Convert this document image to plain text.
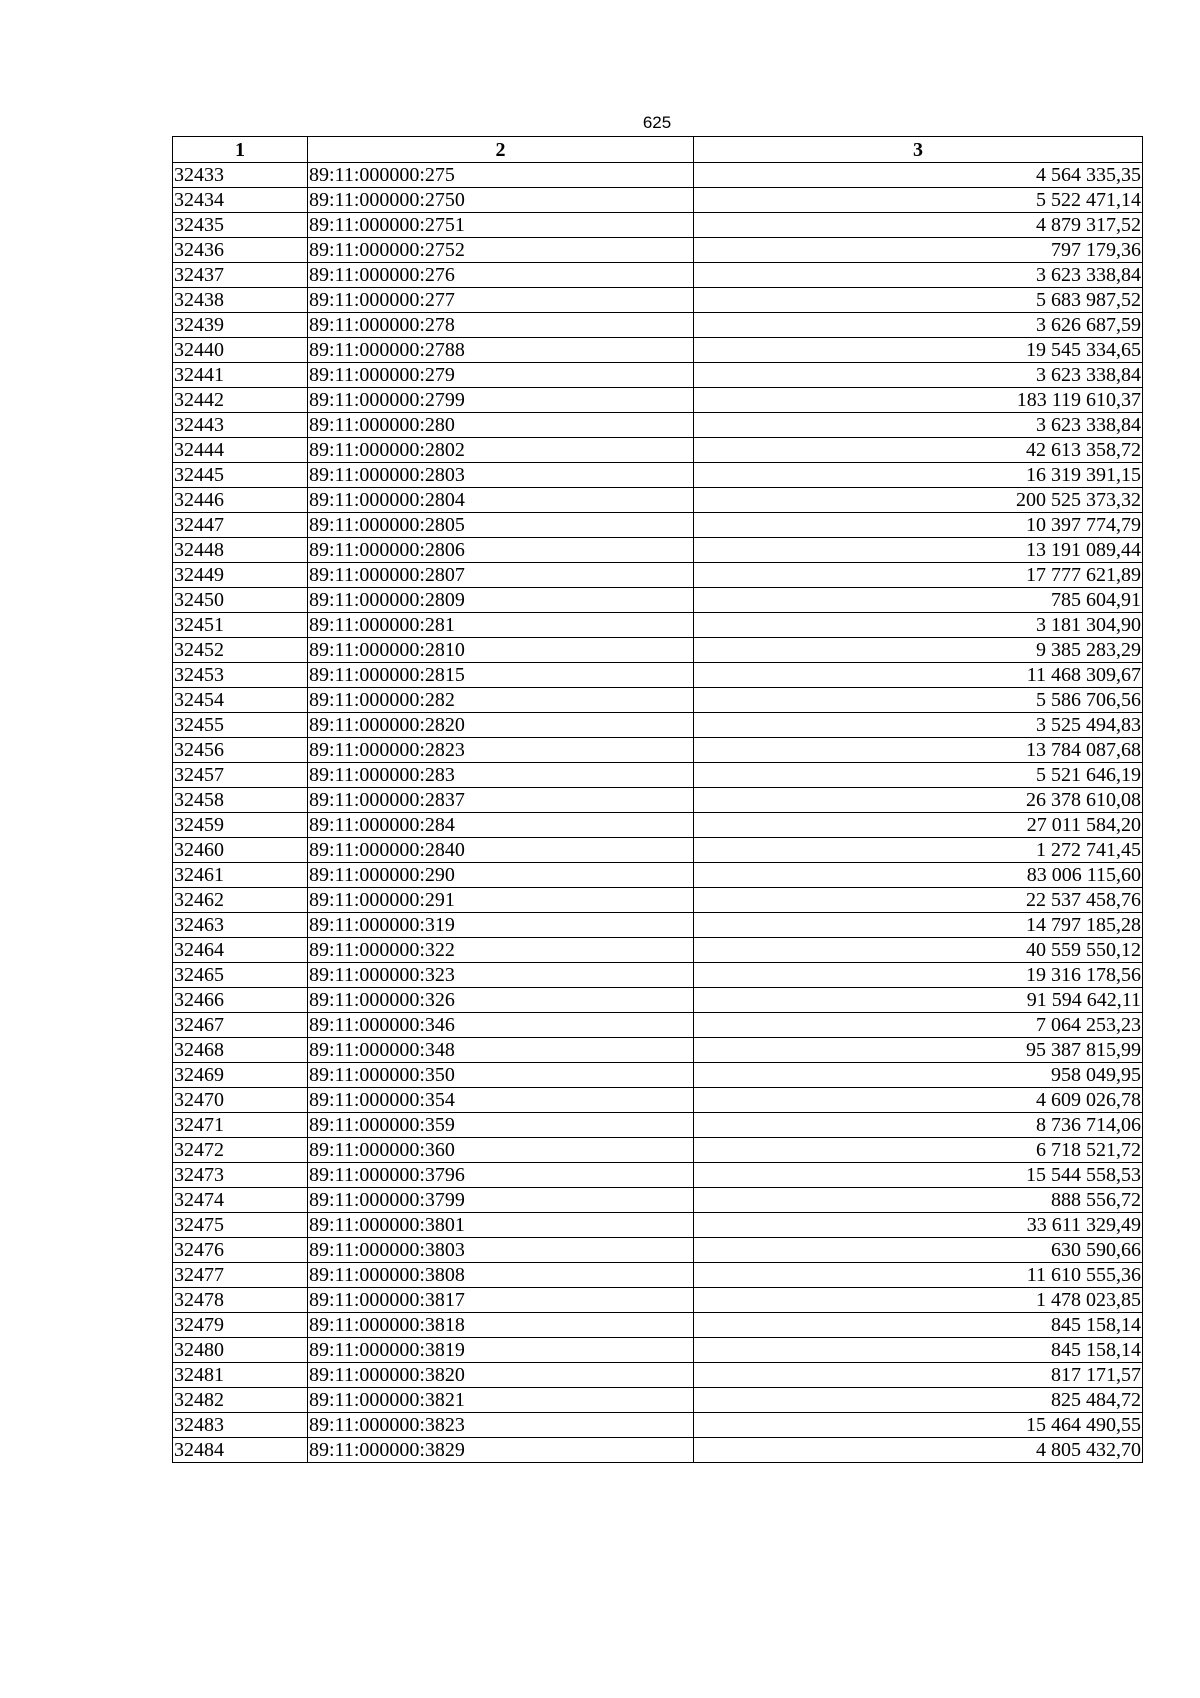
625
1	2	3
32433	89:11:000000:275	4 564 335,35
32434	89:11:000000:2750	5 522 471,14
32435	89:11:000000:2751	4 879 317,52
32436	89:11:000000:2752	797 179,36
32437	89:11:000000:276	3 623 338,84
32438	89:11:000000:277	5 683 987,52
32439	89:11:000000:278	3 626 687,59
32440	89:11:000000:2788	19 545 334,65
32441	89:11:000000:279	3 623 338,84
32442	89:11:000000:2799	183 119 610,37
32443	89:11:000000:280	3 623 338,84
32444	89:11:000000:2802	42 613 358,72
32445	89:11:000000:2803	16 319 391,15
32446	89:11:000000:2804	200 525 373,32
32447	89:11:000000:2805	10 397 774,79
32448	89:11:000000:2806	13 191 089,44
32449	89:11:000000:2807	17 777 621,89
32450	89:11:000000:2809	785 604,91
32451	89:11:000000:281	3 181 304,90
32452	89:11:000000:2810	9 385 283,29
32453	89:11:000000:2815	11 468 309,67
32454	89:11:000000:282	5 586 706,56
32455	89:11:000000:2820	3 525 494,83
32456	89:11:000000:2823	13 784 087,68
32457	89:11:000000:283	5 521 646,19
32458	89:11:000000:2837	26 378 610,08
32459	89:11:000000:284	27 011 584,20
32460	89:11:000000:2840	1 272 741,45
32461	89:11:000000:290	83 006 115,60
32462	89:11:000000:291	22 537 458,76
32463	89:11:000000:319	14 797 185,28
32464	89:11:000000:322	40 559 550,12
32465	89:11:000000:323	19 316 178,56
32466	89:11:000000:326	91 594 642,11
32467	89:11:000000:346	7 064 253,23
32468	89:11:000000:348	95 387 815,99
32469	89:11:000000:350	958 049,95
32470	89:11:000000:354	4 609 026,78
32471	89:11:000000:359	8 736 714,06
32472	89:11:000000:360	6 718 521,72
32473	89:11:000000:3796	15 544 558,53
32474	89:11:000000:3799	888 556,72
32475	89:11:000000:3801	33 611 329,49
32476	89:11:000000:3803	630 590,66
32477	89:11:000000:3808	11 610 555,36
32478	89:11:000000:3817	1 478 023,85
32479	89:11:000000:3818	845 158,14
32480	89:11:000000:3819	845 158,14
32481	89:11:000000:3820	817 171,57
32482	89:11:000000:3821	825 484,72
32483	89:11:000000:3823	15 464 490,55
32484	89:11:000000:3829	4 805 432,70
